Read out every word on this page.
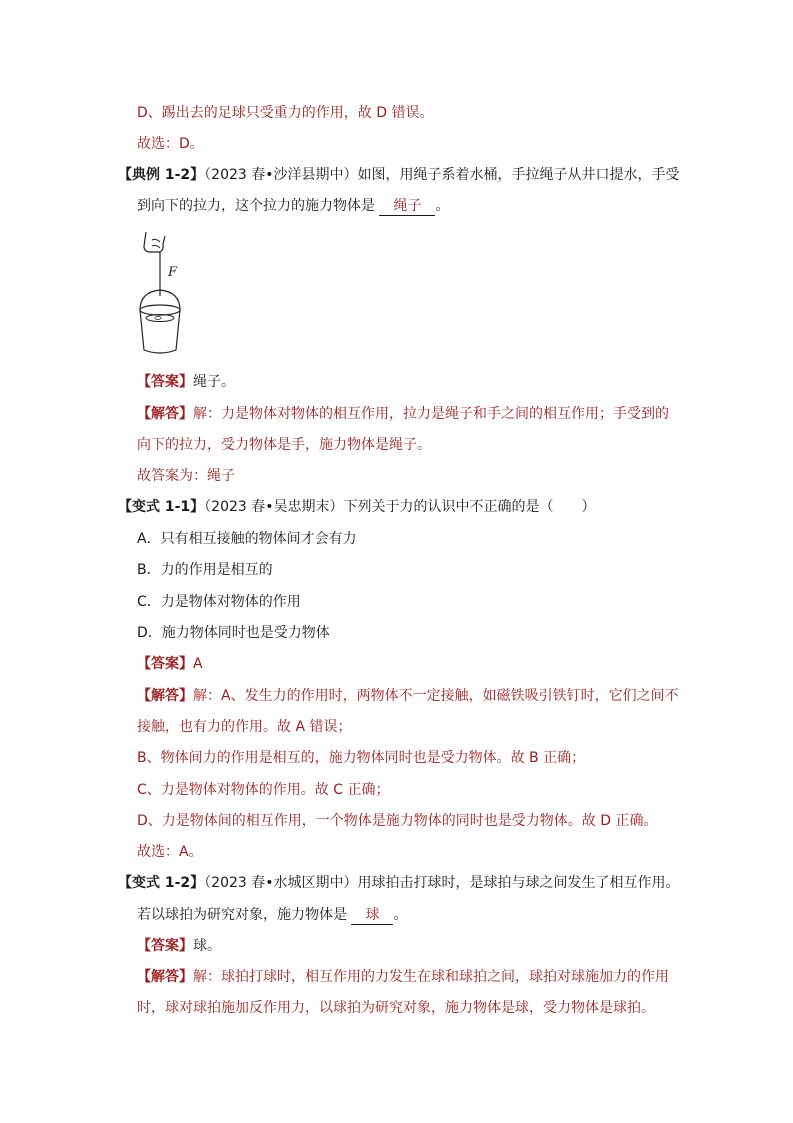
D、踢出去的足球只受重力的作用，故 D 错误。
故选：D。
【典例 1-2】（2023 春•沙洋县期中）如图，用绳子系着水桶，手拉绳子从井口提水，手受
到向下的拉力，这个拉力的施力物体是 绳子 。
F
【答案】绳子。
【解答】解：力是物体对物体的相互作用，拉力是绳子和手之间的相互作用；手受到的
向下的拉力，受力物体是手，施力物体是绳子。
故答案为：绳子
【变式 1-1】（2023 春•吴忠期末）下列关于力的认识中不正确的是（　　）
A．只有相互接触的物体间才会有力
B．力的作用是相互的
C．力是物体对物体的作用
D．施力物体同时也是受力物体
【答案】A
【解答】解：A、发生力的作用时，两物体不一定接触，如磁铁吸引铁钉时，它们之间不
接触，也有力的作用。故 A 错误；
B、物体间力的作用是相互的，施力物体同时也是受力物体。故 B 正确；
C、力是物体对物体的作用。故 C 正确；
D、力是物体间的相互作用，一个物体是施力物体的同时也是受力物体。故 D 正确。
故选：A。
【变式 1-2】（2023 春•水城区期中）用球拍击打球时，是球拍与球之间发生了相互作用。
若以球拍为研究对象，施力物体是 球 。
【答案】球。
【解答】解：球拍打球时，相互作用的力发生在球和球拍之间，球拍对球施加力的作用
时，球对球拍施加反作用力，以球拍为研究对象，施力物体是球，受力物体是球拍。
